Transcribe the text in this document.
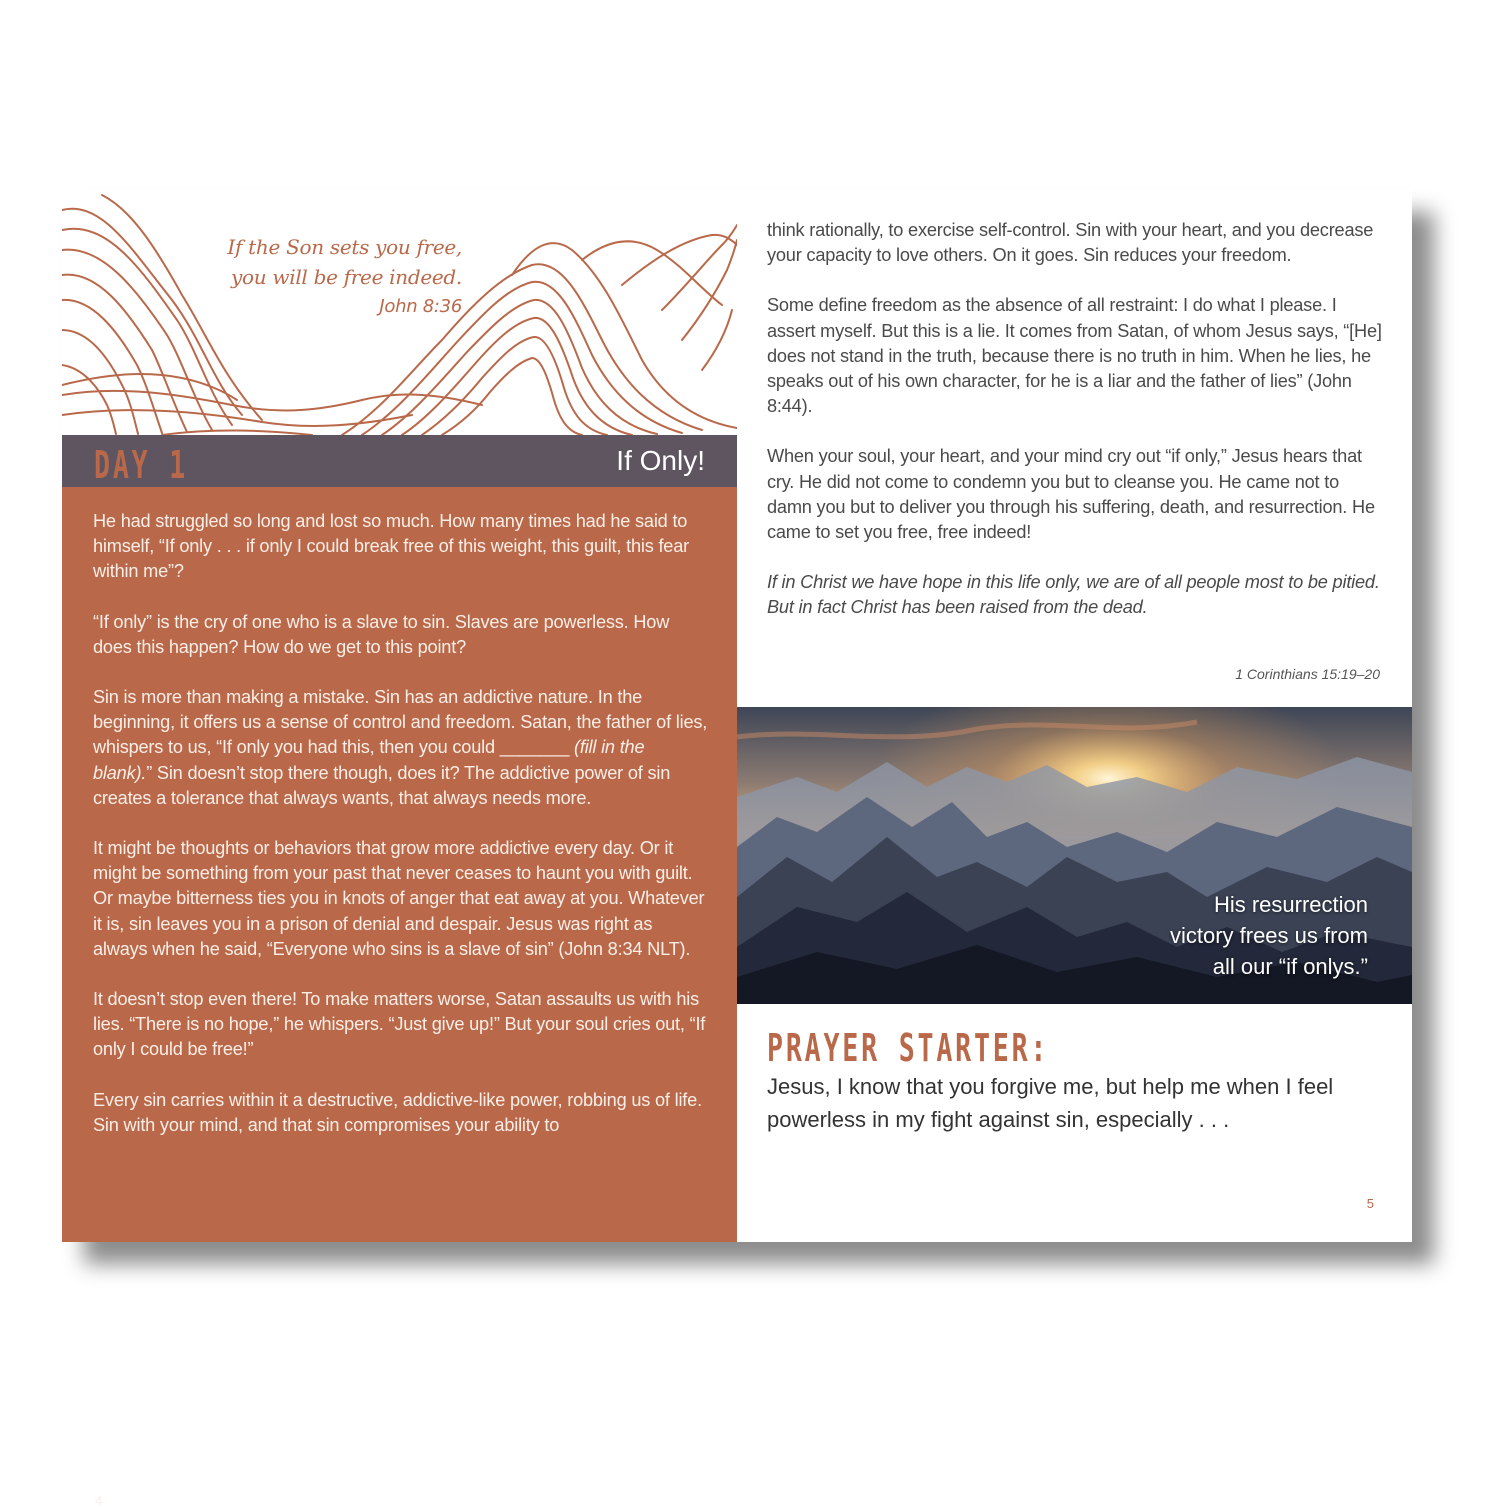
If the Son sets you free,
you will be free indeed.
John 8:36
DAY 1	If Only!

He had struggled so long and lost so much. How many times had he said to himself, “If only . . . if only I could break free of this weight, this guilt, this fear within me”?

“If only” is the cry of one who is a slave to sin. Slaves are powerless. How does this happen? How do we get to this point?

Sin is more than making a mistake. Sin has an addictive nature. In the beginning, it offers us a sense of control and freedom. Satan, the father of lies, whispers to us, “If only you had this, then you could _______ (fill in the blank).” Sin doesn’t stop there though, does it? The addictive power of sin creates a tolerance that always wants, that always needs more.

It might be thoughts or behaviors that grow more addictive every day. Or it might be something from your past that never ceases to haunt you with guilt. Or maybe bitterness ties you in knots of anger that eat away at you. Whatever it is, sin leaves you in a prison of denial and despair. Jesus was right as always when he said, “Everyone who sins is a slave of sin” (John 8:34 NLT).

It doesn’t stop even there! To make matters worse, Satan assaults us with his lies. “There is no hope,” he whispers. “Just give up!” But your soul cries out, “If only I could be free!”

Every sin carries within it a destructive, addictive-like power, robbing us of life. Sin with your mind, and that sin compromises your ability to

4

think rationally, to exercise self-control. Sin with your heart, and you decrease your capacity to love others. On it goes. Sin reduces your freedom.

Some define freedom as the absence of all restraint: I do what I please. I assert myself. But this is a lie. It comes from Satan, of whom Jesus says, “[He] does not stand in the truth, because there is no truth in him. When he lies, he speaks out of his own character, for he is a liar and the father of lies” (John 8:44).

When your soul, your heart, and your mind cry out “if only,” Jesus hears that cry. He did not come to condemn you but to cleanse you. He came not to damn you but to deliver you through his suffering, death, and resurrection. He came to set you free, free indeed!

If in Christ we have hope in this life only, we are of all people most to be pitied. But in fact Christ has been raised from the dead.

1 Corinthians 15:19–20
His resurrection
victory frees us from
all our “if onlys.”
PRAYER STARTER:
Jesus, I know that you forgive me, but help me when I feel powerless in my fight against sin, especially . . .
5
